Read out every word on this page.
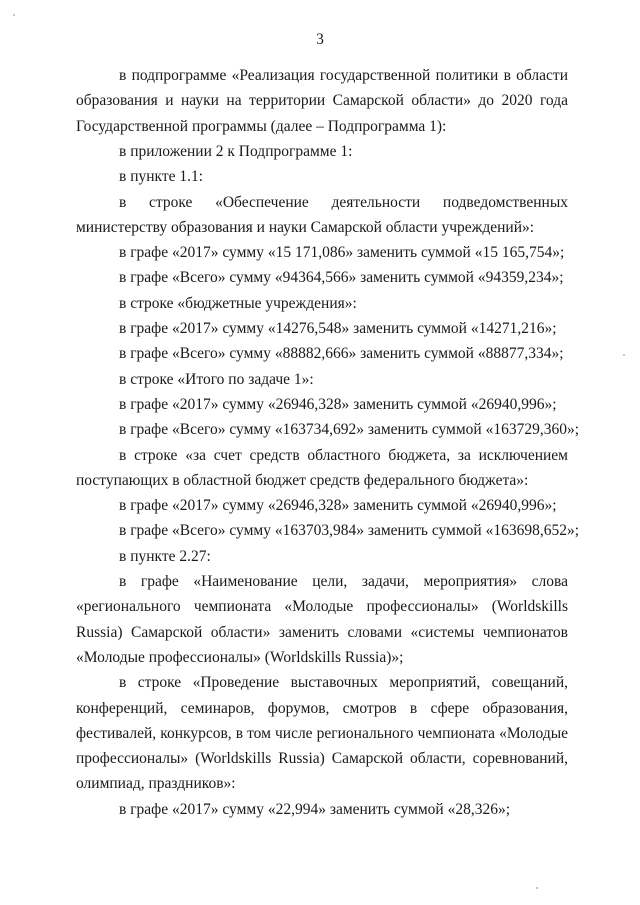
3
в подпрограмме «Реализация государственной политики в области
образования и науки на территории Самарской области» до 2020 года
Государственной программы (далее – Подпрограмма 1):
в приложении 2 к Подпрограмме 1:
в пункте 1.1:
в строке «Обеспечение деятельности подведомственных
министерству образования и науки Самарской области учреждений»:
в графе «2017» сумму «15 171,086» заменить суммой «15 165,754»;
в графе «Всего» сумму «94364,566» заменить суммой «94359,234»;
в строке «бюджетные учреждения»:
в графе «2017» сумму «14276,548» заменить суммой «14271,216»;
в графе «Всего» сумму «88882,666» заменить суммой «88877,334»;
в строке «Итого по задаче 1»:
в графе «2017» сумму «26946,328» заменить суммой «26940,996»;
в графе «Всего» сумму «163734,692» заменить суммой «163729,360»;
в строке «за счет средств областного бюджета, за исключением
поступающих в областной бюджет средств федерального бюджета»:
в графе «2017» сумму «26946,328» заменить суммой «26940,996»;
в графе «Всего» сумму «163703,984» заменить суммой «163698,652»;
в пункте 2.27:
в графе «Наименование цели, задачи, мероприятия» слова
«регионального чемпионата «Молодые профессионалы» (Worldskills
Russia) Самарской области» заменить словами «системы чемпионатов
«Молодые профессионалы» (Worldskills Russia)»;
в строке «Проведение выставочных мероприятий, совещаний,
конференций, семинаров, форумов, смотров в сфере образования,
фестивалей, конкурсов, в том числе регионального чемпионата «Молодые
профессионалы» (Worldskills Russia) Самарской области, соревнований,
олимпиад, праздников»:
в графе «2017» сумму «22,994» заменить суммой «28,326»;
